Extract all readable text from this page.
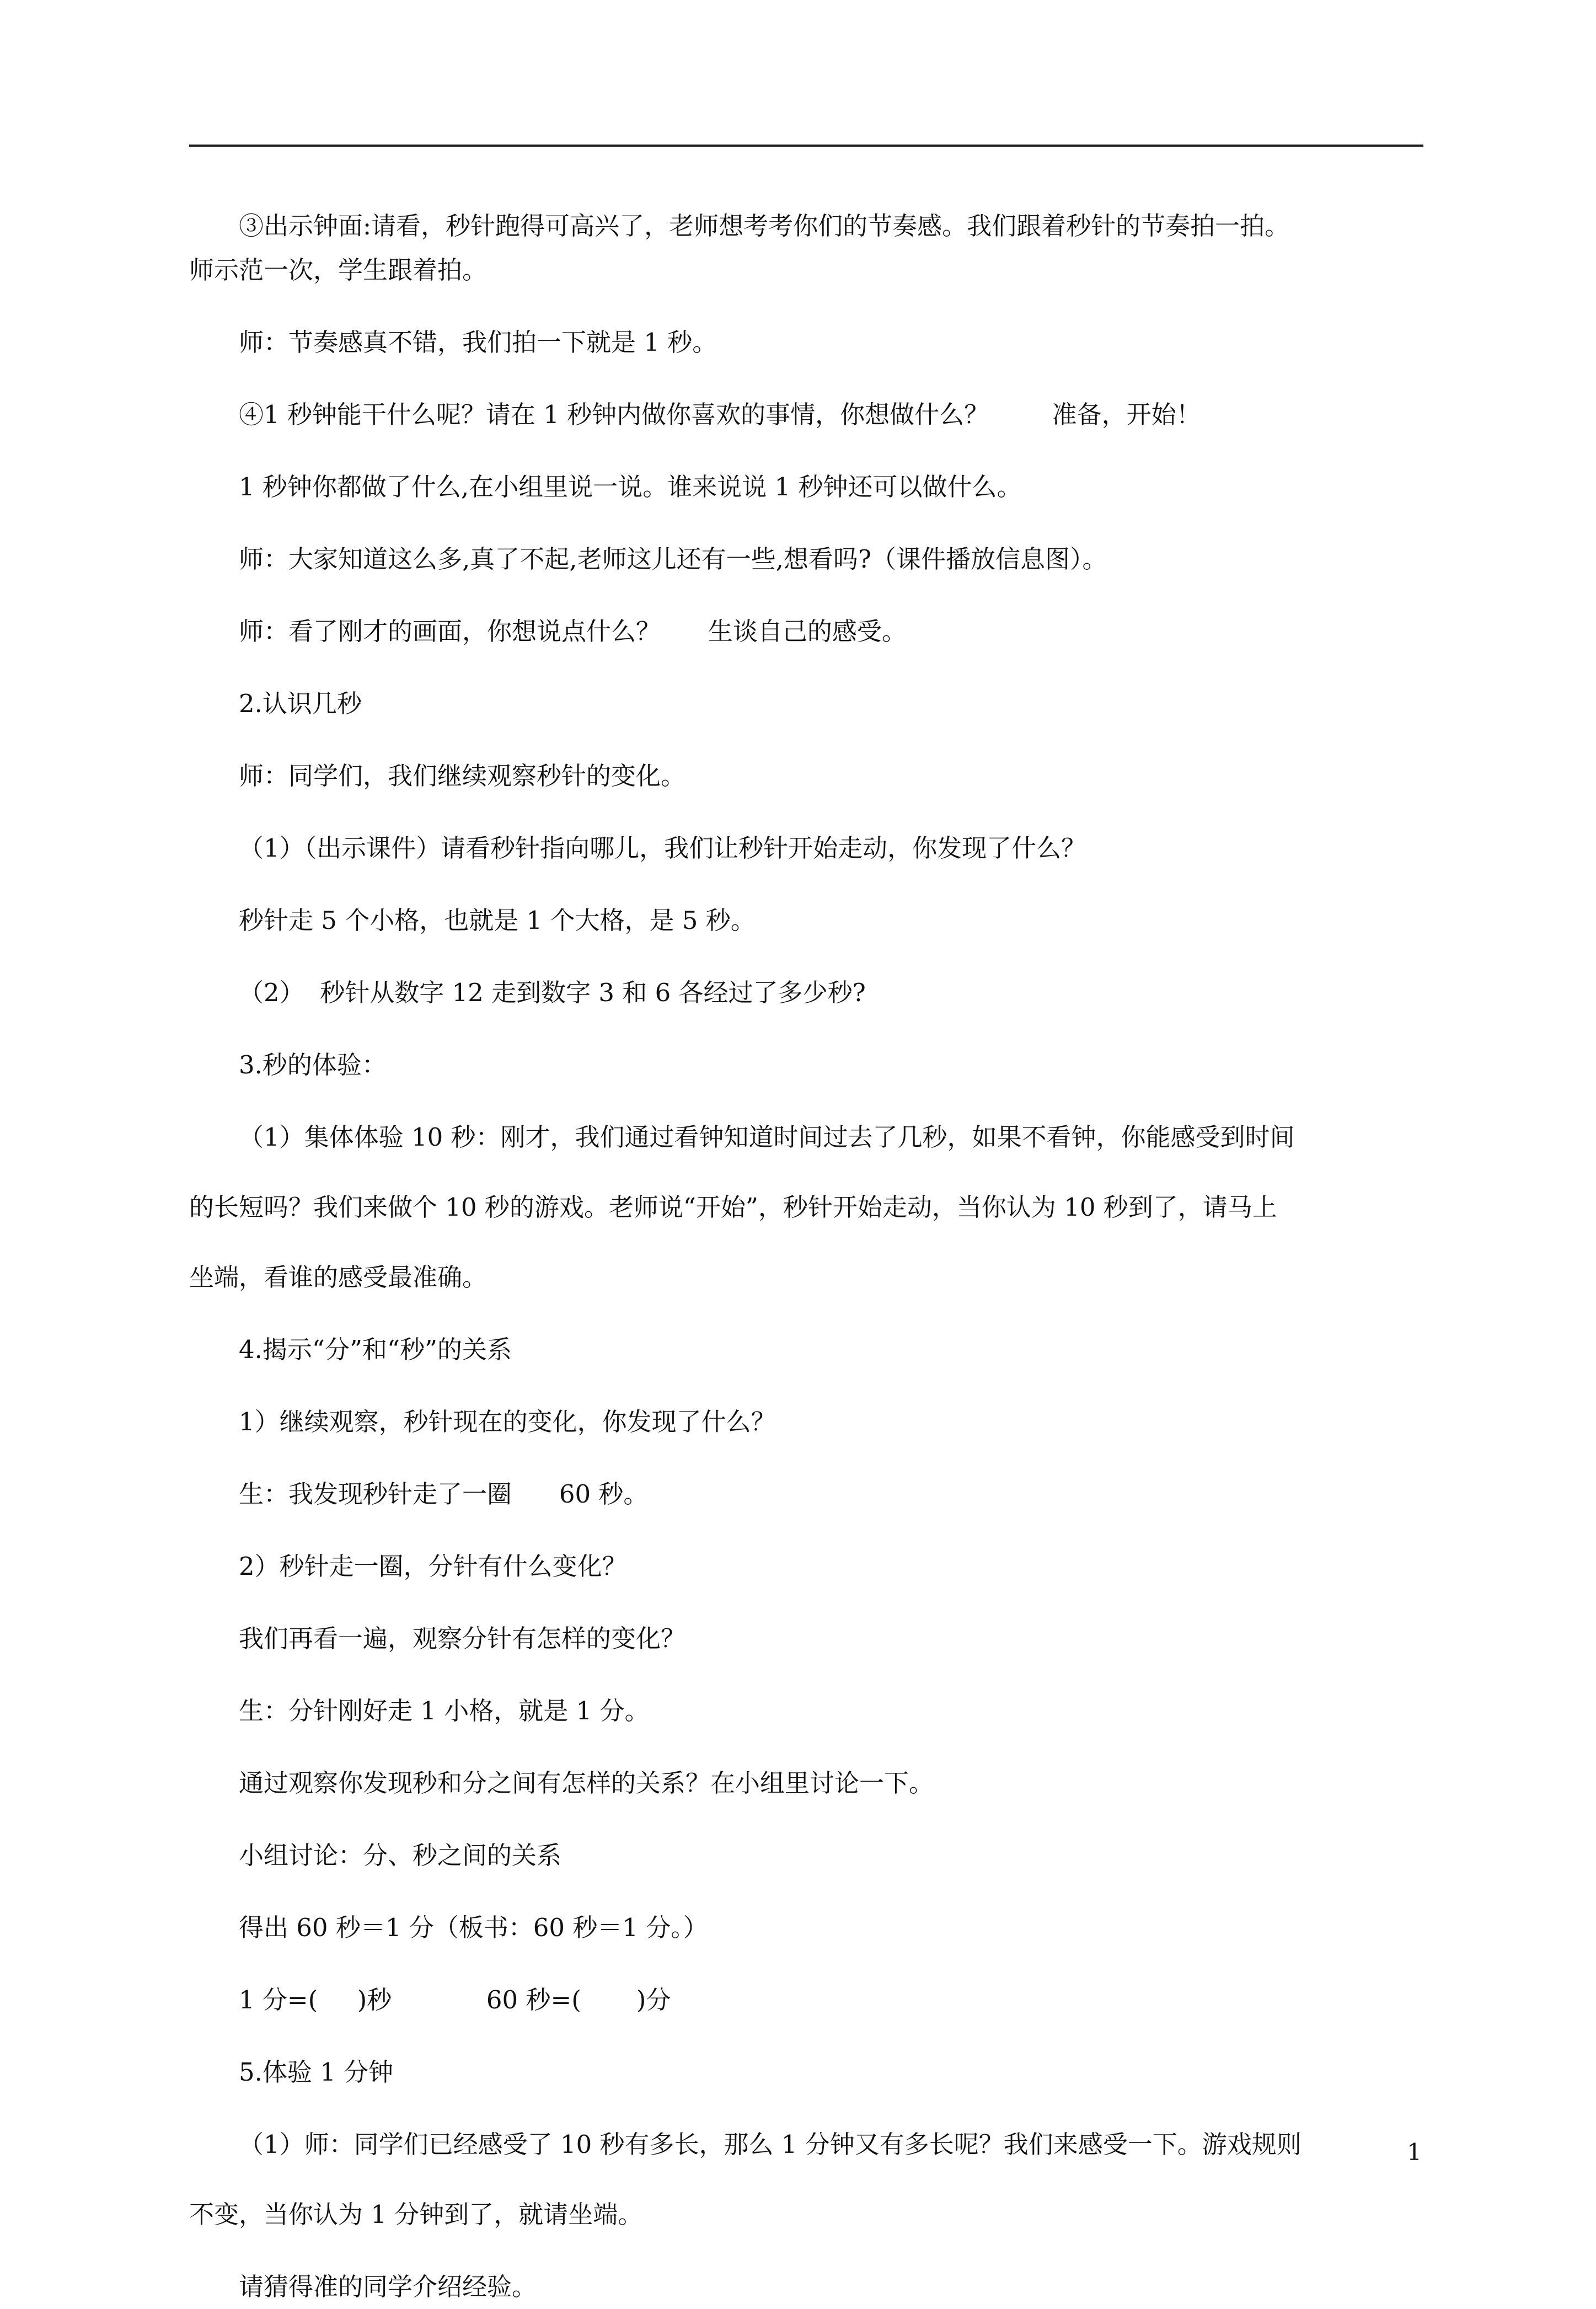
③出示钟面:请看，秒针跑得可高兴了，老师想考考你们的节奏感。我们跟着秒针的节奏拍一拍。
师示范一次，学生跟着拍。
师：节奏感真不错，我们拍一下就是 1 秒。
④1 秒钟能干什么呢？请在 1 秒钟内做你喜欢的事情，你想做什么？        准备，开始！
1 秒钟你都做了什么,在小组里说一说。谁来说说 1 秒钟还可以做什么。
师：大家知道这么多,真了不起,老师这儿还有一些,想看吗?（课件播放信息图）。
师：看了刚才的画面，你想说点什么？      生谈自己的感受。
2.认识几秒
师：同学们，我们继续观察秒针的变化。
（1）（出示课件）请看秒针指向哪儿，我们让秒针开始走动，你发现了什么？
秒针走 5 个小格，也就是 1 个大格，是 5 秒。
（2）  秒针从数字 12 走到数字 3 和 6 各经过了多少秒?
3.秒的体验：
（1）集体体验 10 秒：刚才，我们通过看钟知道时间过去了几秒，如果不看钟，你能感受到时间
的长短吗？我们来做个 10 秒的游戏。老师说“开始”，秒针开始走动，当你认为 10 秒到了，请马上
坐端，看谁的感受最准确。
4.揭示“分”和“秒”的关系
1）继续观察，秒针现在的变化，你发现了什么？
生：我发现秒针走了一圈      60 秒。
2）秒针走一圈，分针有什么变化？
我们再看一遍，观察分针有怎样的变化？
生：分针刚好走 1 小格，就是 1 分。
通过观察你发现秒和分之间有怎样的关系？在小组里讨论一下。
小组讨论：分、秒之间的关系
得出 60 秒＝1 分（板书：60 秒＝1 分。）
1 分=(     )秒            60 秒=(       )分
5.体验 1 分钟
（1）师：同学们已经感受了 10 秒有多长，那么 1 分钟又有多长呢？我们来感受一下。游戏规则
不变，当你认为 1 分钟到了，就请坐端。
请猜得准的同学介绍经验。
1
